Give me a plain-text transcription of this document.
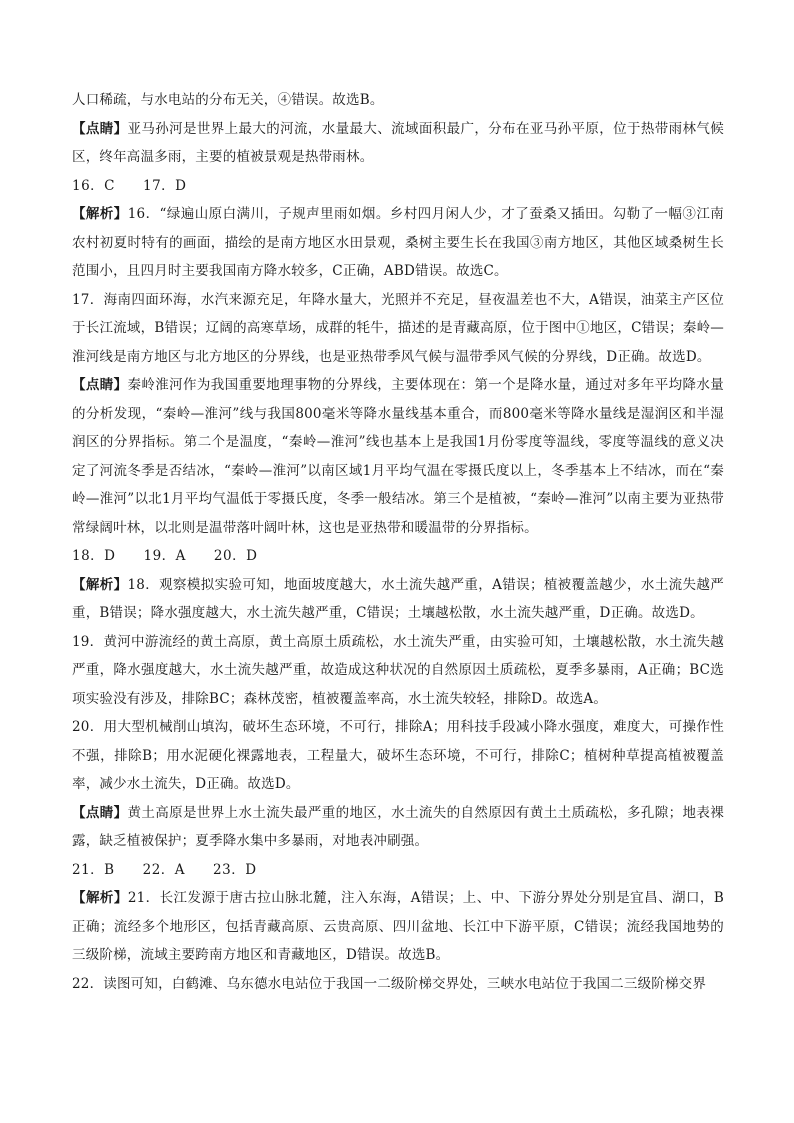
人口稀疏，与水电站的分布无关，④错误。故选B。

【点睛】亚马孙河是世界上最大的河流，水量最大、流域面积最广，分布在亚马孙平原，位于热带雨林气候区，终年高温多雨，主要的植被景观是热带雨林。

16．C　　17．D

【解析】16．“绿遍山原白满川，子规声里雨如烟。乡村四月闲人少，才了蚕桑又插田。勾勒了一幅③江南农村初夏时特有的画面，描绘的是南方地区水田景观，桑树主要生长在我国③南方地区，其他区域桑树生长范围小，且四月时主要我国南方降水较多，C正确，ABD错误。故选C。

17．海南四面环海，水汽来源充足，年降水量大，光照并不充足，昼夜温差也不大，A错误，油菜主产区位于长江流域，B错误；辽阔的高寒草场，成群的牦牛，描述的是青藏高原，位于图中①地区，C错误；秦岭—淮河线是南方地区与北方地区的分界线，也是亚热带季风气候与温带季风气候的分界线，D正确。故选D。

【点睛】秦岭淮河作为我国重要地理事物的分界线，主要体现在：第一个是降水量，通过对多年平均降水量的分析发现，“秦岭—淮河”线与我国800毫米等降水量线基本重合，而800毫米等降水量线是湿润区和半湿润区的分界指标。第二个是温度，“秦岭—淮河”线也基本上是我国1月份零度等温线，零度等温线的意义决定了河流冬季是否结冰，“秦岭—淮河”以南区域1月平均气温在零摄氏度以上，冬季基本上不结冰，而在“秦岭—淮河”以北1月平均气温低于零摄氏度，冬季一般结冰。第三个是植被，“秦岭—淮河”以南主要为亚热带常绿阔叶林，以北则是温带落叶阔叶林，这也是亚热带和暖温带的分界指标。

18．D　　19．A　　20．D

【解析】18．观察模拟实验可知，地面坡度越大，水土流失越严重，A错误；植被覆盖越少，水土流失越严重，B错误；降水强度越大，水土流失越严重，C错误；土壤越松散，水土流失越严重，D正确。故选D。

19．黄河中游流经的黄土高原，黄土高原土质疏松，水土流失严重，由实验可知，土壤越松散，水土流失越严重，降水强度越大，水土流失越严重，故造成这种状况的自然原因土质疏松，夏季多暴雨，A正确；BC选项实验没有涉及，排除BC；森林茂密，植被覆盖率高，水土流失较轻，排除D。故选A。

20．用大型机械削山填沟，破坏生态环境，不可行，排除A；用科技手段减小降水强度，难度大，可操作性不强，排除B；用水泥硬化裸露地表，工程量大，破坏生态环境，不可行，排除C；植树种草提高植被覆盖率，减少水土流失，D正确。故选D。

【点睛】黄土高原是世界上水土流失最严重的地区，水土流失的自然原因有黄土土质疏松，多孔隙；地表裸露，缺乏植被保护；夏季降水集中多暴雨，对地表冲刷强。

21．B　　22．A　　23．D

【解析】21．长江发源于唐古拉山脉北麓，注入东海，A错误；上、中、下游分界处分别是宜昌、湖口，B正确；流经多个地形区，包括青藏高原、云贵高原、四川盆地、长江中下游平原，C错误；流经我国地势的三级阶梯，流域主要跨南方地区和青藏地区，D错误。故选B。

22．读图可知，白鹤滩、乌东德水电站位于我国一二级阶梯交界处，三峡水电站位于我国二三级阶梯交界
